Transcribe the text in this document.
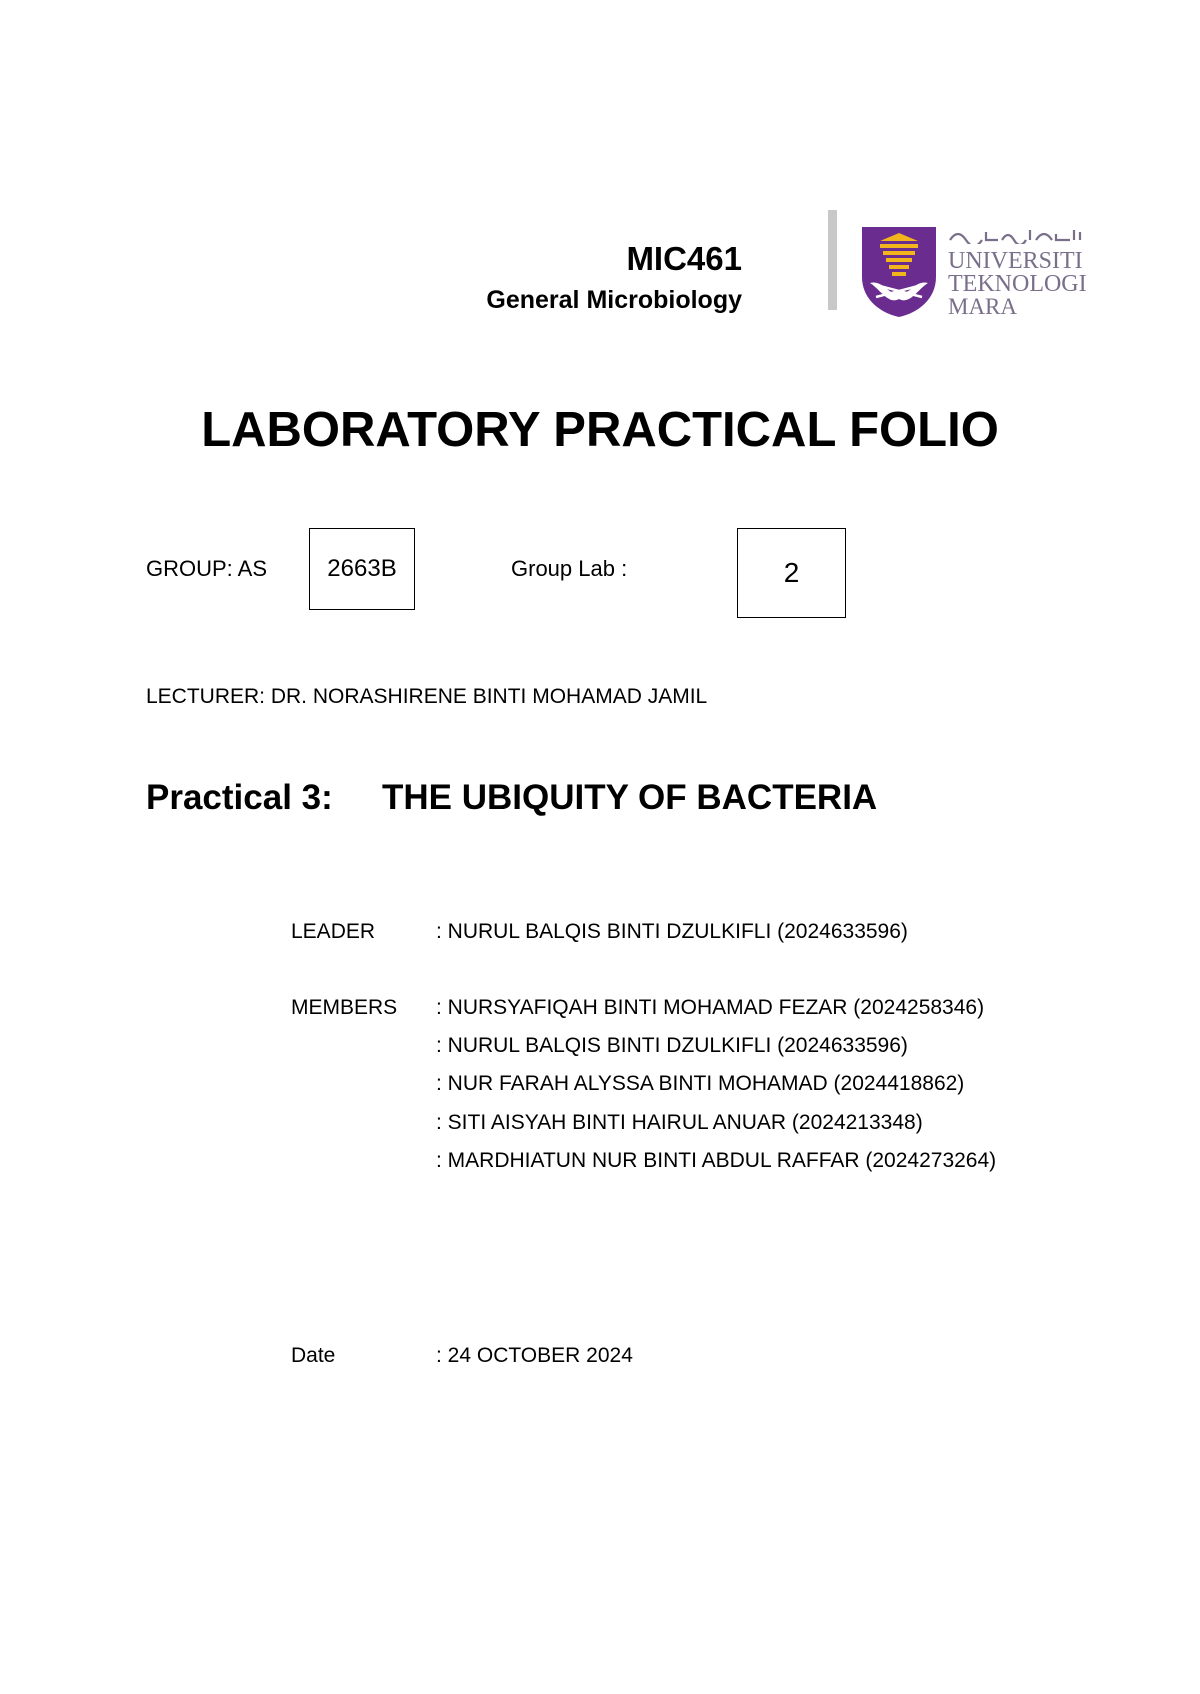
MIC461
General Microbiology
UNIVERSITI
TEKNOLOGI
MARA
LABORATORY PRACTICAL FOLIO
GROUP: AS	2663B	Group Lab :	2
LECTURER: DR. NORASHIRENE BINTI MOHAMAD JAMIL
Practical 3: THE UBIQUITY OF BACTERIA
LEADER	: NURUL BALQIS BINTI DZULKIFLI (2024633596)
MEMBERS : NURSYAFIQAH BINTI MOHAMAD FEZAR (2024258346)
: NURUL BALQIS BINTI DZULKIFLI (2024633596)
: NUR FARAH ALYSSA BINTI MOHAMAD (2024418862)
: SITI AISYAH BINTI HAIRUL ANUAR (2024213348)
: MARDHIATUN NUR BINTI ABDUL RAFFAR (2024273264)
Date	: 24 OCTOBER 2024
